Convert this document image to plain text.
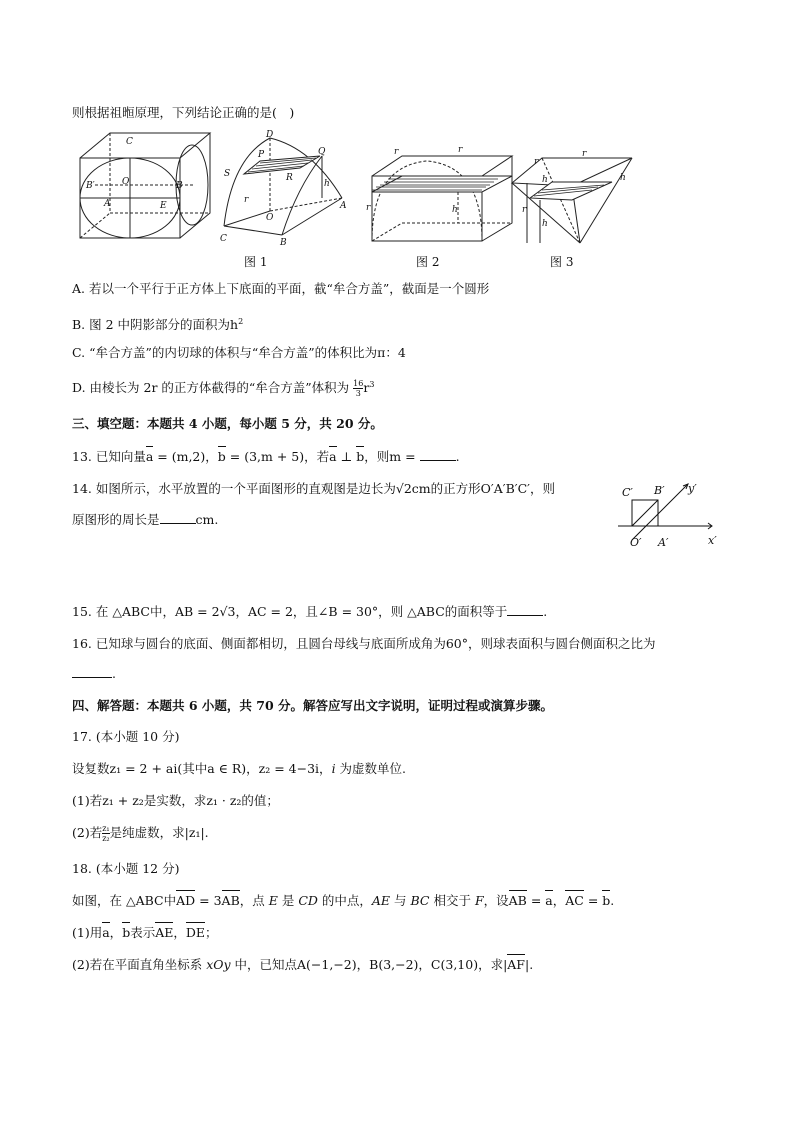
则根据祖暅原理，下列结论正确的是(　)
C
B′	O
A
B
E
D
P	Q
S	R
h
r
O
A
C	B
r	r
r	h
r
r
h	h
h
r
图 1	图 2	图 3
A. 若以一个平行于正方体上下底面的平面，截“牟合方盖”，截面是一个圆形
B. 图 2 中阴影部分的面积为$h^2$
C. “牟合方盖”的内切球的体积与“牟合方盖”的体积比为π：4
D. 由棱长为 2r 的正方体截得的“牟合方盖”体积为 $\frac{16}{3} r^3$
三、填空题：本题共 4 小题，每小题 5 分，共 20 分。
13. 已知向量a = (m,2)，b = (3,m + 5)，若a ⊥ b，则m =	.
14. 如图所示，水平放置的一个平面图形的直观图是边长为√2cm的正方形O′A′B′C′，则
原图形的周长是	cm.
C′ B′ y′
O′ A′	x′
15. 在 △ABC中，AB = 2√3，AC = 2，且∠B = 30°，则 △ABC的面积等于	.
16. 已知球与圆台的底面、侧面都相切，且圆台母线与底面所成角为60°，则球表面积与圆台侧面积之比为
.
四、解答题：本题共 6 小题，共 70 分。解答应写出文字说明，证明过程或演算步骤。
17. (本小题 10 分)
设复数z₁ = 2 + ai(其中a ∈ R)，z₂ = 4−3i，i 为虚数单位.
(1)若z₁ + z₂是实数，求z₁ · z₂的值；
(2)若 $\frac{\text{z₁}}{\text{z₂}}$ 是纯虚数，求|z₁|.
18. (本小题 12 分)
如图，在 △ABC中AD = 3AB，点 E 是 CD 的中点，AE 与 BC 相交于 F，设AB = a，AC = b.
(1)用a，b表示AE，DE；
(2)若在平面直角坐标系 xOy 中，已知点A(−1,−2)，B(3,−2)，C(3,10)，求|AF|.
